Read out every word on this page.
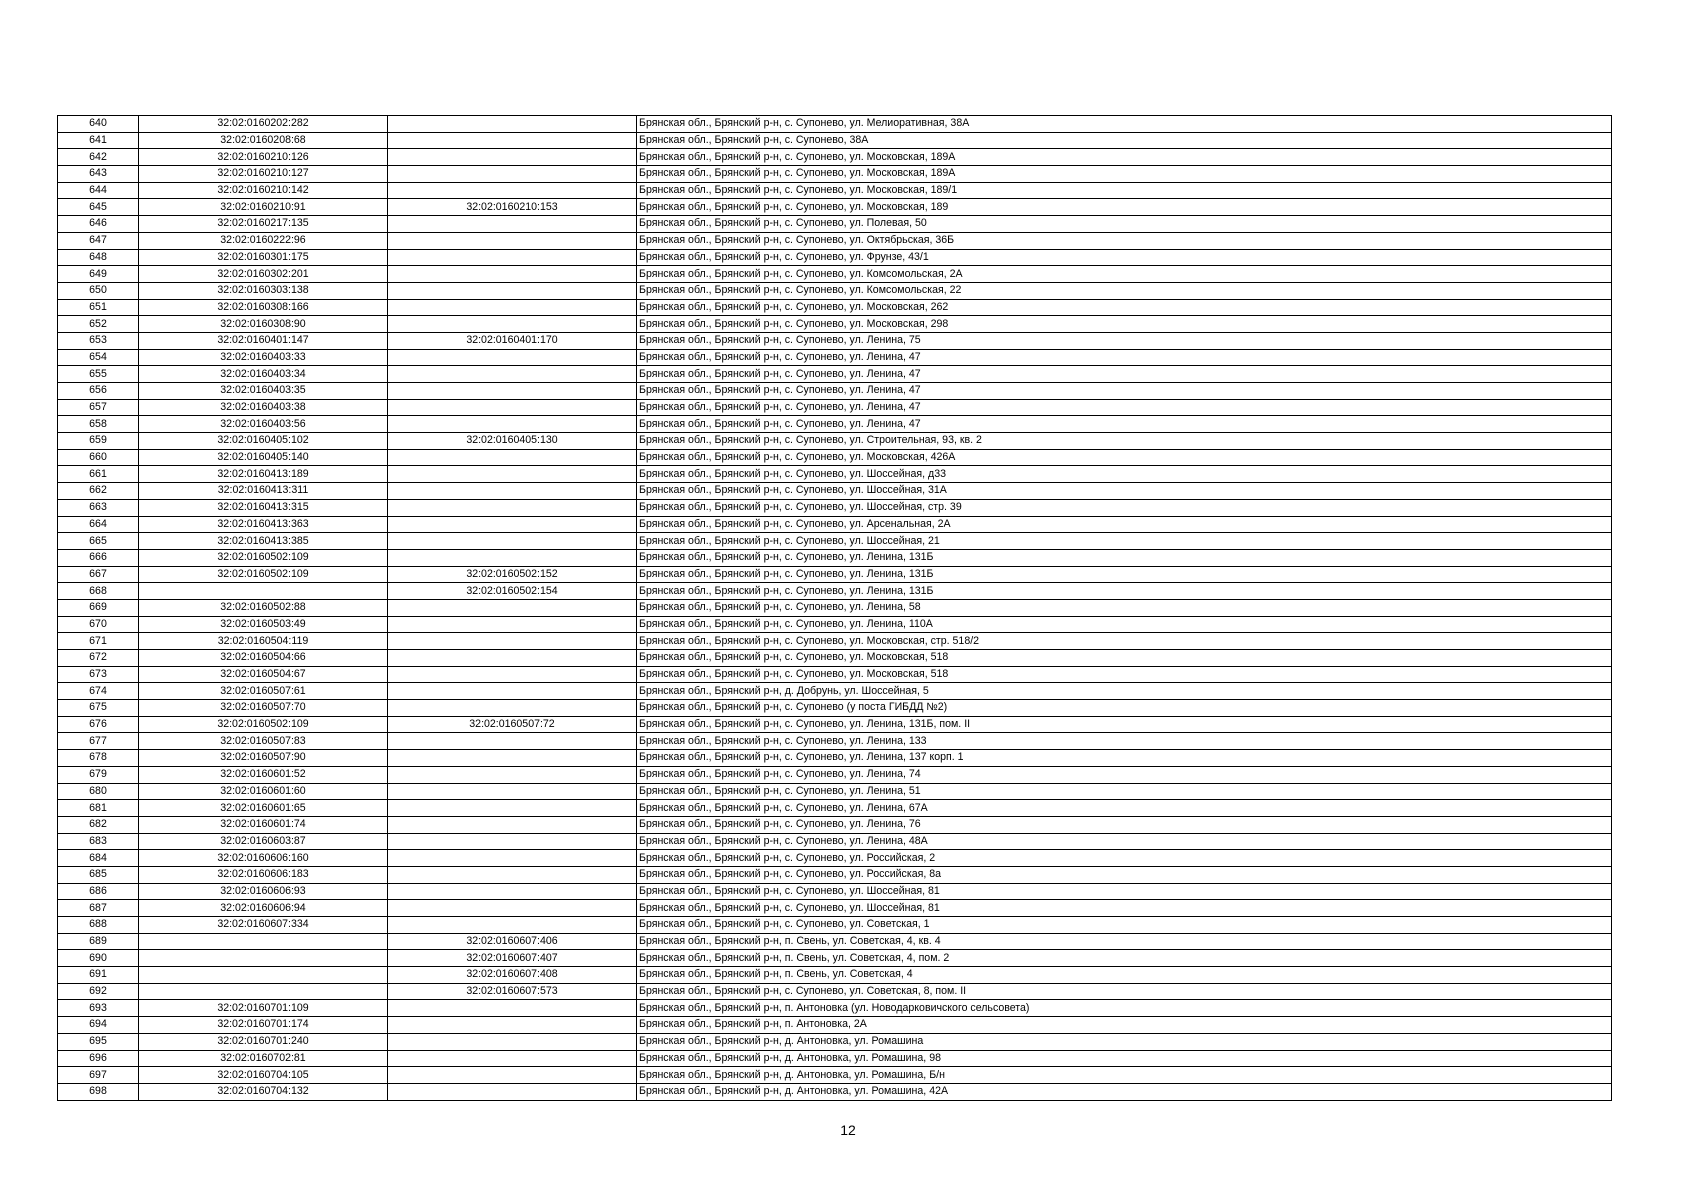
640	32:02:0160202:282		Брянская обл., Брянский р-н, с. Супонево, ул. Мелиоративная, 38А
641	32:02:0160208:68		Брянская обл., Брянский р-н, с. Супонево, 38А
642	32:02:0160210:126		Брянская обл., Брянский р-н, с. Супонево, ул. Московская, 189А
643	32:02:0160210:127		Брянская обл., Брянский р-н, с. Супонево, ул. Московская, 189А
644	32:02:0160210:142		Брянская обл., Брянский р-н, с. Супонево, ул. Московская, 189/1
645	32:02:0160210:91	32:02:0160210:153	Брянская обл., Брянский р-н, с. Супонево, ул. Московская, 189
646	32:02:0160217:135		Брянская обл., Брянский р-н, с. Супонево, ул. Полевая, 50
647	32:02:0160222:96		Брянская обл., Брянский р-н, с. Супонево, ул. Октябрьская, 36Б
648	32:02:0160301:175		Брянская обл., Брянский р-н, с. Супонево, ул. Фрунзе, 43/1
649	32:02:0160302:201		Брянская обл., Брянский р-н, с. Супонево, ул. Комсомольская, 2А
650	32:02:0160303:138		Брянская обл., Брянский р-н, с. Супонево, ул. Комсомольская, 22
651	32:02:0160308:166		Брянская обл., Брянский р-н, с. Супонево, ул. Московская, 262
652	32:02:0160308:90		Брянская обл., Брянский р-н, с. Супонево, ул. Московская, 298
653	32:02:0160401:147	32:02:0160401:170	Брянская обл., Брянский р-н, с. Супонево, ул. Ленина, 75
654	32:02:0160403:33		Брянская обл., Брянский р-н, с. Супонево, ул. Ленина, 47
655	32:02:0160403:34		Брянская обл., Брянский р-н, с. Супонево, ул. Ленина, 47
656	32:02:0160403:35		Брянская обл., Брянский р-н, с. Супонево, ул. Ленина, 47
657	32:02:0160403:38		Брянская обл., Брянский р-н, с. Супонево, ул. Ленина, 47
658	32:02:0160403:56		Брянская обл., Брянский р-н, с. Супонево, ул. Ленина, 47
659	32:02:0160405:102	32:02:0160405:130	Брянская обл., Брянский р-н, с. Супонево, ул. Строительная, 93, кв. 2
660	32:02:0160405:140		Брянская обл., Брянский р-н, с. Супонево, ул. Московская, 426А
661	32:02:0160413:189		Брянская обл., Брянский р-н, с. Супонево, ул. Шоссейная, д33
662	32:02:0160413:311		Брянская обл., Брянский р-н, с. Супонево, ул. Шоссейная, 31А
663	32:02:0160413:315		Брянская обл., Брянский р-н, с. Супонево, ул. Шоссейная, стр. 39
664	32:02:0160413:363		Брянская обл., Брянский р-н, с. Супонево, ул. Арсенальная, 2А
665	32:02:0160413:385		Брянская обл., Брянский р-н, с. Супонево, ул. Шоссейная, 21
666	32:02:0160502:109		Брянская обл., Брянский р-н, с. Супонево, ул. Ленина, 131Б
667	32:02:0160502:109	32:02:0160502:152	Брянская обл., Брянский р-н, с. Супонево, ул. Ленина, 131Б
668		32:02:0160502:154	Брянская обл., Брянский р-н, с. Супонево, ул. Ленина, 131Б
669	32:02:0160502:88		Брянская обл., Брянский р-н, с. Супонево, ул. Ленина, 58
670	32:02:0160503:49		Брянская обл., Брянский р-н, с. Супонево, ул. Ленина, 110А
671	32:02:0160504:119		Брянская обл., Брянский р-н, с. Супонево, ул. Московская, стр. 518/2
672	32:02:0160504:66		Брянская обл., Брянский р-н, с. Супонево, ул. Московская, 518
673	32:02:0160504:67		Брянская обл., Брянский р-н, с. Супонево, ул. Московская, 518
674	32:02:0160507:61		Брянская обл., Брянский р-н, д. Добрунь, ул. Шоссейная, 5
675	32:02:0160507:70		Брянская обл., Брянский р-н, с. Супонево (у поста ГИБДД №2)
676	32:02:0160502:109	32:02:0160507:72	Брянская обл., Брянский р-н, с. Супонево, ул. Ленина, 131Б, пом. II
677	32:02:0160507:83		Брянская обл., Брянский р-н, с. Супонево, ул. Ленина, 133
678	32:02:0160507:90		Брянская обл., Брянский р-н, с. Супонево, ул. Ленина, 137 корп. 1
679	32:02:0160601:52		Брянская обл., Брянский р-н, с. Супонево, ул. Ленина, 74
680	32:02:0160601:60		Брянская обл., Брянский р-н, с. Супонево, ул. Ленина, 51
681	32:02:0160601:65		Брянская обл., Брянский р-н, с. Супонево, ул. Ленина, 67А
682	32:02:0160601:74		Брянская обл., Брянский р-н, с. Супонево, ул. Ленина, 76
683	32:02:0160603:87		Брянская обл., Брянский р-н, с. Супонево, ул. Ленина, 48А
684	32:02:0160606:160		Брянская обл., Брянский р-н, с. Супонево, ул. Российская, 2
685	32:02:0160606:183		Брянская обл., Брянский р-н, с. Супонево, ул. Российская, 8а
686	32:02:0160606:93		Брянская обл., Брянский р-н, с. Супонево, ул. Шоссейная, 81
687	32:02:0160606:94		Брянская обл., Брянский р-н, с. Супонево, ул. Шоссейная, 81
688	32:02:0160607:334		Брянская обл., Брянский р-н, с. Супонево, ул. Советская, 1
689		32:02:0160607:406	Брянская обл., Брянский р-н, п. Свень, ул. Советская, 4, кв. 4
690		32:02:0160607:407	Брянская обл., Брянский р-н, п. Свень, ул. Советская, 4, пом. 2
691		32:02:0160607:408	Брянская обл., Брянский р-н, п. Свень, ул. Советская, 4
692		32:02:0160607:573	Брянская обл., Брянский р-н, с. Супонево, ул. Советская, 8, пом. II
693	32:02:0160701:109		Брянская обл., Брянский р-н, п. Антоновка (ул. Новодарковичского сельсовета)
694	32:02:0160701:174		Брянская обл., Брянский р-н, п. Антоновка, 2А
695	32:02:0160701:240		Брянская обл., Брянский р-н, д. Антоновка, ул. Ромашина
696	32:02:0160702:81		Брянская обл., Брянский р-н, д. Антоновка, ул. Ромашина, 98
697	32:02:0160704:105		Брянская обл., Брянский р-н, д. Антоновка, ул. Ромашина, Б/н
698	32:02:0160704:132		Брянская обл., Брянский р-н, д. Антоновка, ул. Ромашина, 42А
12
